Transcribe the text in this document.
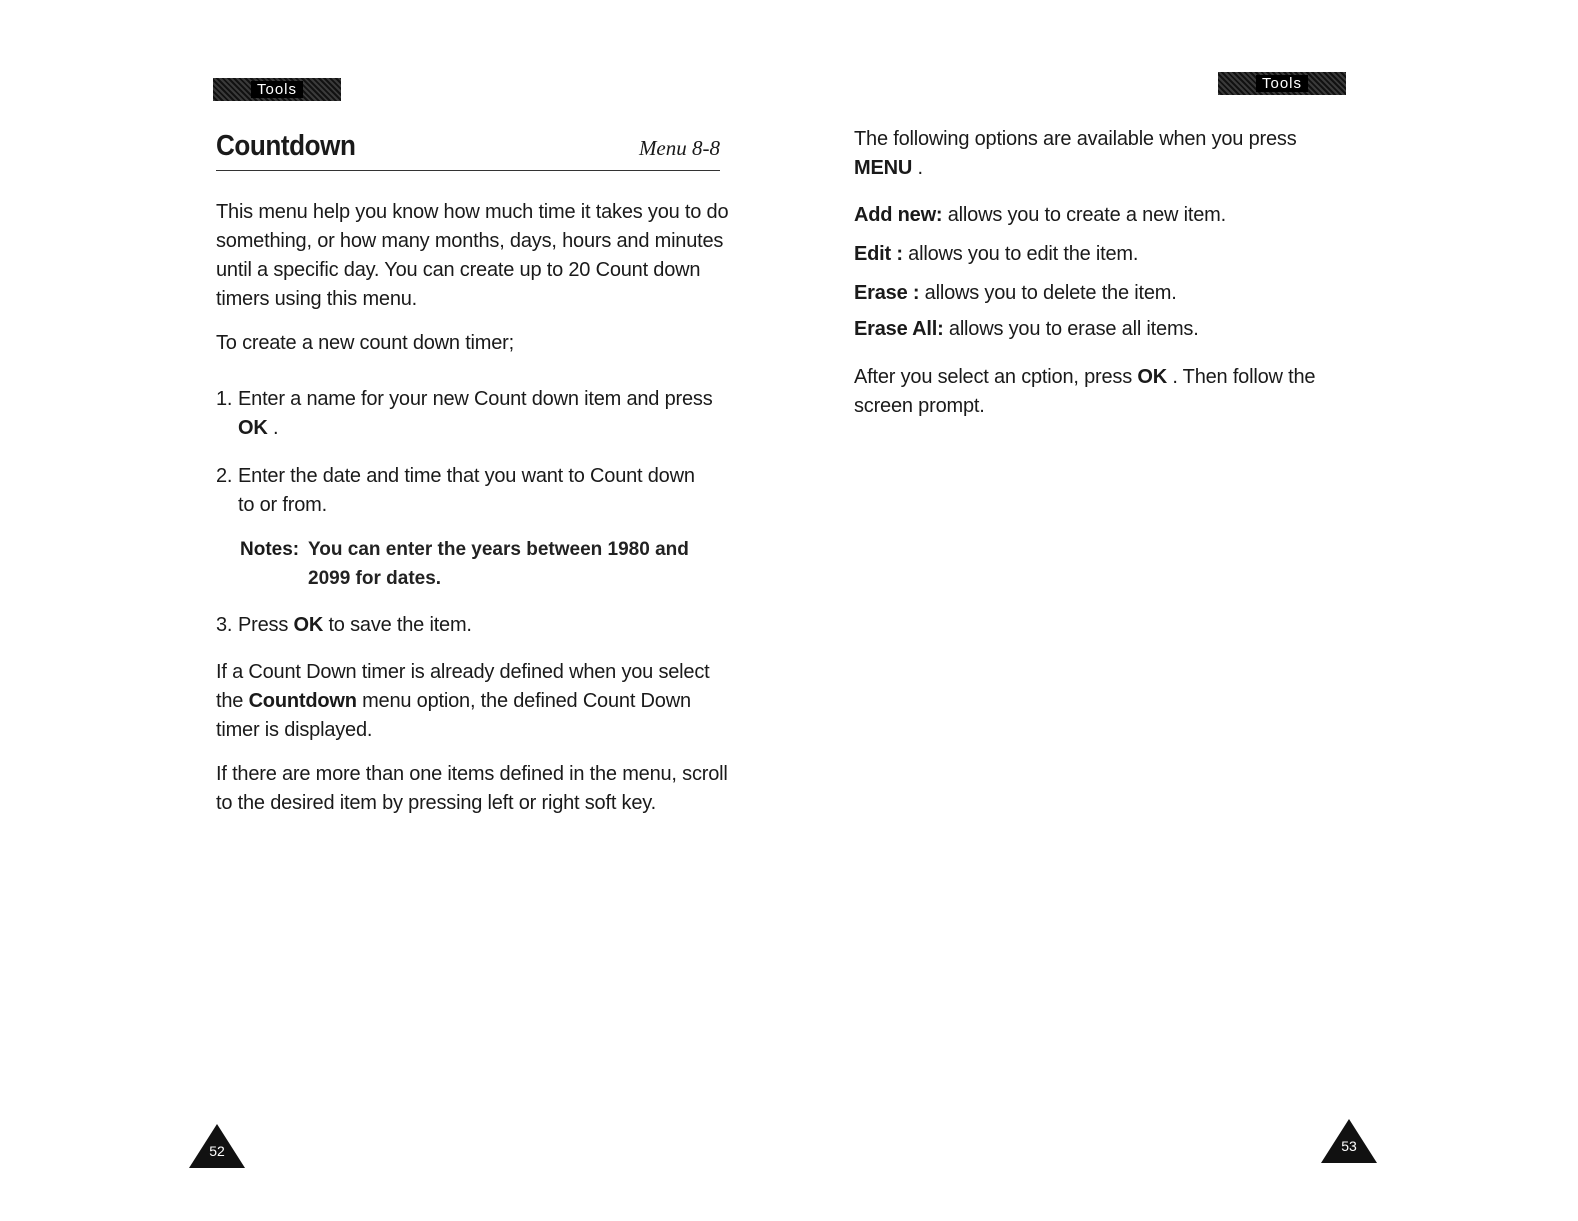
Tools
Countdown	Menu 8-8
This menu help you know how much time it takes you to do something, or how many months, days, hours and minutes until a specific day. You can create up to 20 Count down timers using this menu.
To create a new count down timer;
1. Enter a name for your new Count down item and press
OK .
2. Enter the date and time that you want to Count down
to or from.
Notes: You can enter the years between 1980 and 2099 for dates.
3. Press OK to save the item.
If a Count Down timer is already defined when you select the Countdown menu option, the defined Count Down timer is displayed.
If there are more than one items defined in the menu, scroll to the desired item by pressing left or right soft key.
52
Tools
The following options are available when you press
MENU .
Add new: allows you to create a new item.
Edit : allows you to edit the item.
Erase : allows you to delete the item.
Erase All: allows you to erase all items.
After you select an cption, press OK . Then follow the screen prompt.
53
